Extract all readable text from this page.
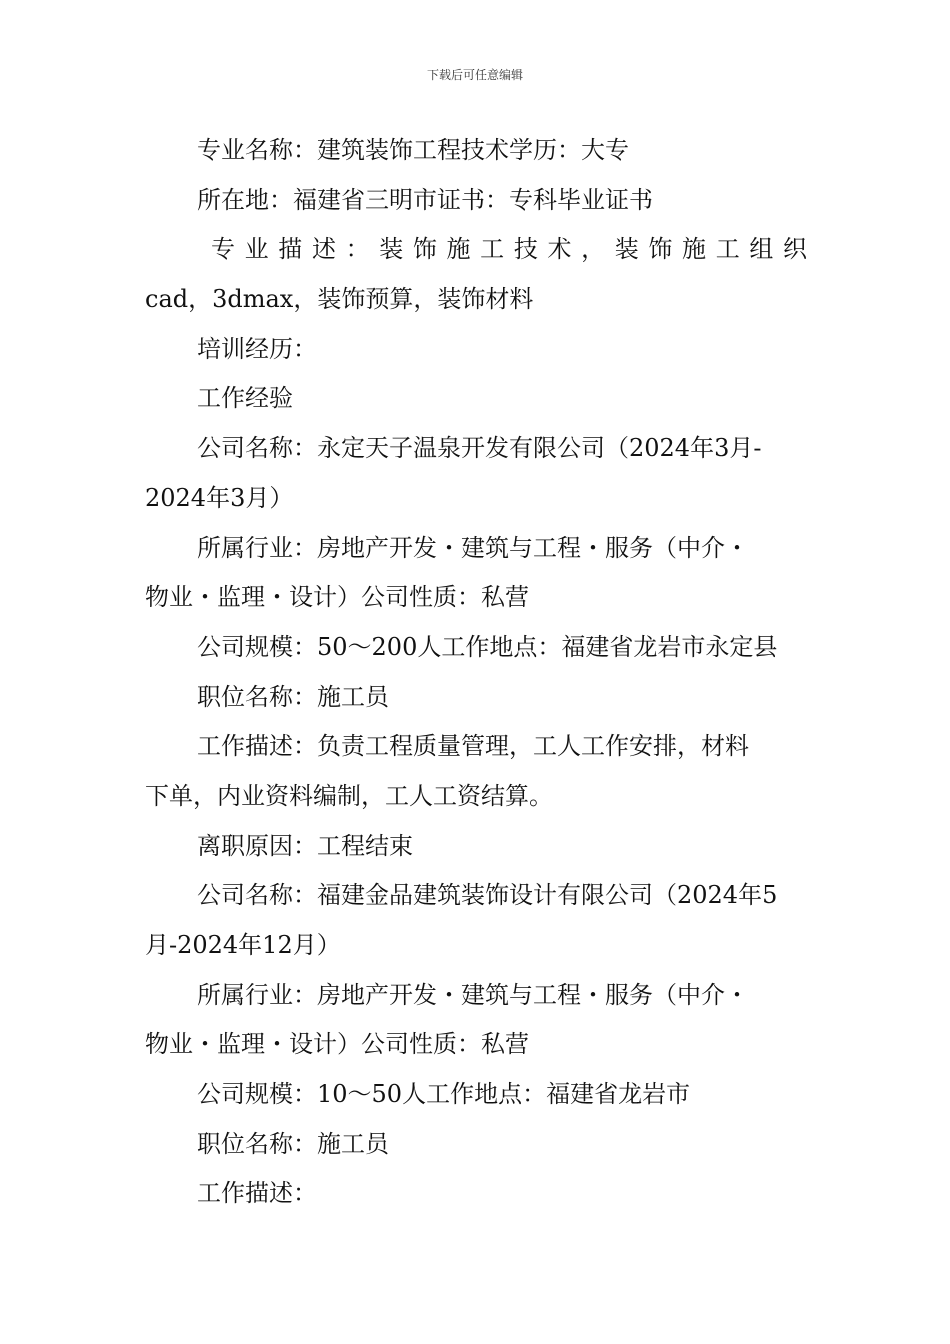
下载后可任意编辑
专业名称：建筑装饰工程技术学历：大专
所在地：福建省三明市证书：专科毕业证书
专业描述：装饰施工技术，装饰施工组织
cad，3dmax，装饰预算，装饰材料
培训经历：
工作经验
公司名称：永定天子温泉开发有限公司（2024年3月-
2024年3月）
所属行业：房地产开发・建筑与工程・服务（中介・
物业・监理・设计）公司性质：私营
公司规模：50～200人工作地点：福建省龙岩市永定县
职位名称：施工员
工作描述：负责工程质量管理，工人工作安排，材料
下单，内业资料编制，工人工资结算。
离职原因：工程结束
公司名称：福建金品建筑装饰设计有限公司（2024年5
月-2024年12月）
所属行业：房地产开发・建筑与工程・服务（中介・
物业・监理・设计）公司性质：私营
公司规模：10～50人工作地点：福建省龙岩市
职位名称：施工员
工作描述：
